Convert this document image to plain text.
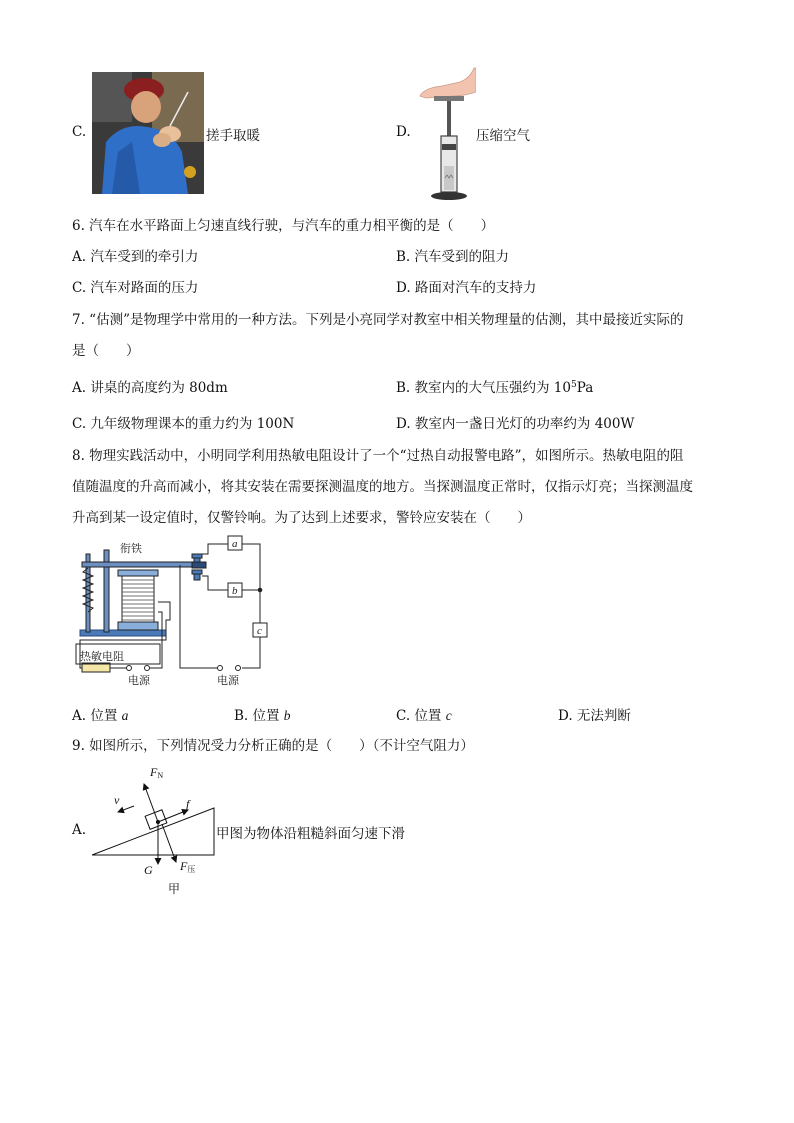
C.	搓手取暖	D.	压缩空气
6. 汽车在水平路面上匀速直线行驶，与汽车的重力相平衡的是（　　）
A. 汽车受到的牵引力	B. 汽车受到的阻力
C. 汽车对路面的压力	D. 路面对汽车的支持力
7. “估测”是物理学中常用的一种方法。下列是小亮同学对教室中相关物理量的估测，其中最接近实际的
是（　　）
A. 讲桌的高度约为 80dm	B. 教室内的大气压强约为 $10^5Pa$
C. 九年级物理课本的重力约为 100N	D. 教室内一盏日光灯的功率约为 400W
8. 物理实践活动中，小明同学利用热敏电阻设计了一个“过热自动报警电路”，如图所示。热敏电阻的阻
值随温度的升高而减小，将其安装在需要探测温度的地方。当探测温度正常时，仅指示灯亮；当探测温度
升高到某一设定值时，仅警铃响。为了达到上述要求，警铃应安装在（　　）
衔铁
热敏电阻
电源	电源
a
b
c
A. 位置 a	B. 位置 b	C. 位置 c	D. 无法判断
9. 如图所示，下列情况受力分析正确的是（　　）（不计空气阻力）
A.
FN
f
v
G F压
甲
甲图为物体沿粗糙斜面匀速下滑
